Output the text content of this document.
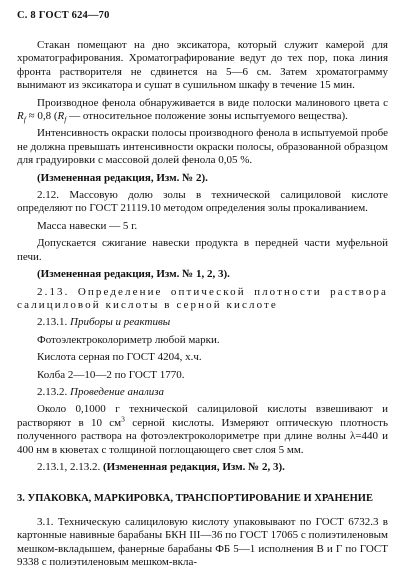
С. 8 ГОСТ 624—70

Стакан помещают на дно эксикатора, который служит камерой для хроматографирования. Хроматографирование ведут до тех пор, пока линия фронта растворителя не сдвинется на 5—6 см. Затем хроматограмму вынимают из эксикатора и сушат в сушильном шкафу в течение 15 мин.

Производное фенола обнаруживается в виде полоски малинового цвета с $R_f \approx 0,8$ ($R_f$ — относительное положение зоны испытуемого вещества).

Интенсивность окраски полосы производного фенола в испытуемой пробе не должна превышать интенсивности окраски полосы, образованной образцом для градуировки с массовой долей фенола 0,05 %.

(Измененная редакция, Изм. № 2).

2.12. Массовую долю золы в технической салициловой кислоте определяют по ГОСТ 21119.10 методом определения золы прокаливанием.

Масса навески — 5 г.

Допускается сжигание навески продукта в передней части муфельной печи.

(Измененная редакция, Изм. № 1, 2, 3).

2.13. Определение оптической плотности раствора салициловой кислоты в серной кислоте

2.13.1. Приборы и реактивы

Фотоэлектроколориметр любой марки.

Кислота серная по ГОСТ 4204, х.ч.

Колба 2—10—2 по ГОСТ 1770.

2.13.2. Проведение анализа

Около 0,1000 г технической салициловой кислоты взвешивают и растворяют в 10 $см^3$ серной кислоты. Измеряют оптическую плотность полученного раствора на фотоэлектроколориметре при длине волны λ=440 и 400 нм в кюветах с толщиной поглощающего свет слоя 5 мм.

2.13.1, 2.13.2. (Измененная редакция, Изм. № 2, 3).

3. УПАКОВКА, МАРКИРОВКА, ТРАНСПОРТИРОВАНИЕ И ХРАНЕНИЕ

3.1. Техническую салициловую кислоту упаковывают по ГОСТ 6732.3 в картонные навивные барабаны БКН III—36 по ГОСТ 17065 с полиэтиленовым мешком-вкладышем, фанерные барабаны ФБ 5—1 исполнения В и Г по ГОСТ 9338 с полиэтиленовым мешком-вкла-
